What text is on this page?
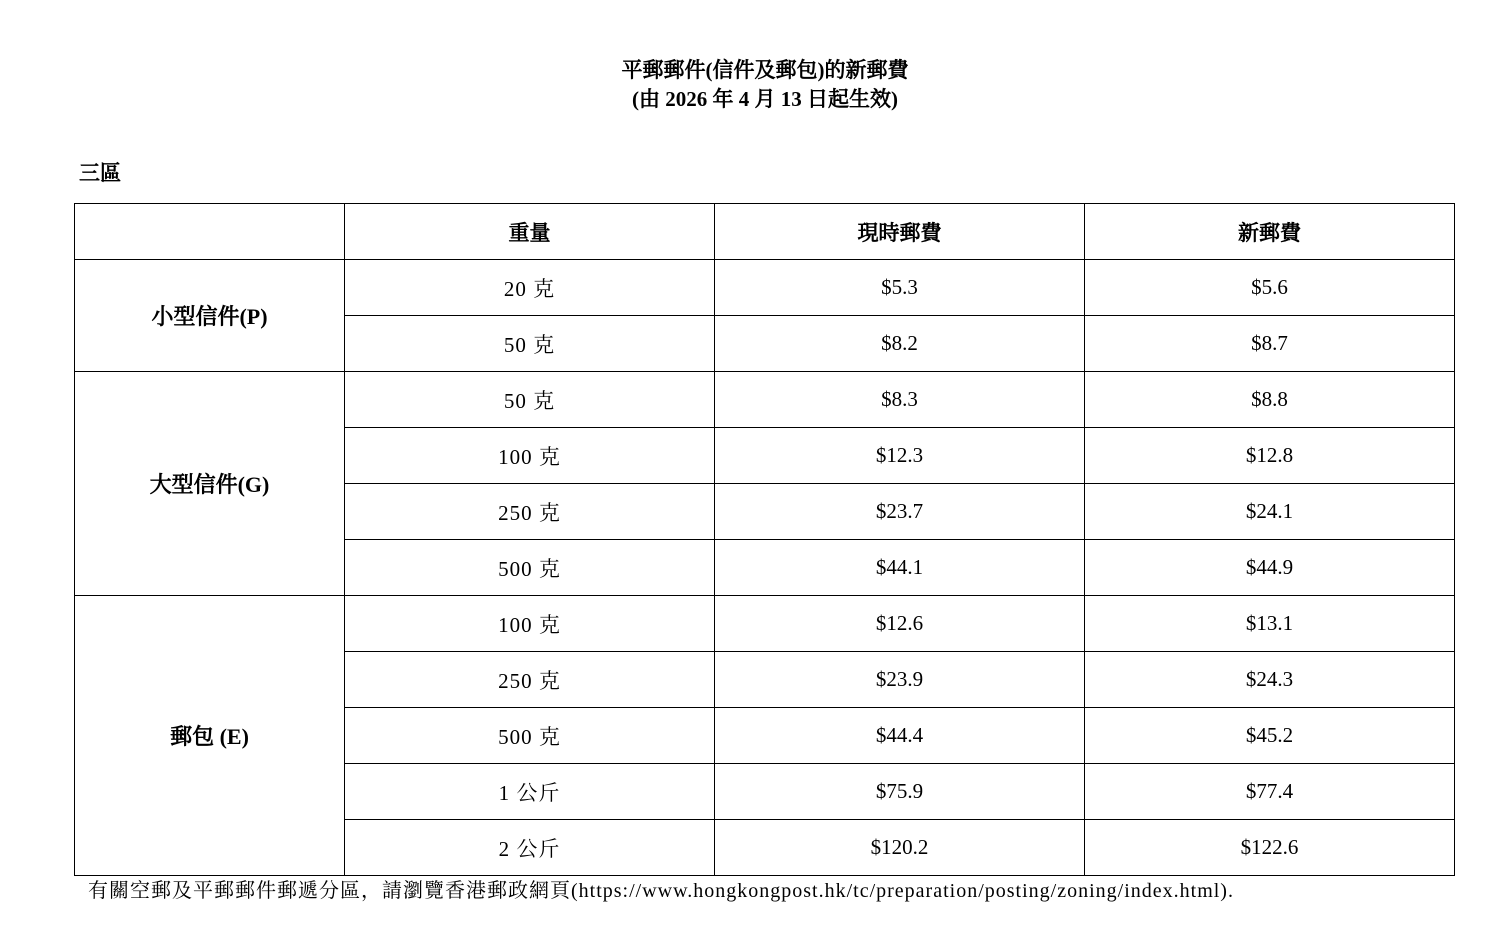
平郵郵件(信件及郵包)的新郵費
(由 2026 年 4 月 13 日起生效)
三區
	重量	現時郵費	新郵費
小型信件(P)	20 克	$5.3	$5.6
	50 克	$8.2	$8.7
大型信件(G)	50 克	$8.3	$8.8
	100 克	$12.3	$12.8
	250 克	$23.7	$24.1
	500 克	$44.1	$44.9
郵包 (E)	100 克	$12.6	$13.1
	250 克	$23.9	$24.3
	500 克	$44.4	$45.2
	1 公斤	$75.9	$77.4
	2 公斤	$120.2	$122.6
有關空郵及平郵郵件郵遞分區，請瀏覽香港郵政網頁(https://www.hongkongpost.hk/tc/preparation/posting/zoning/index.html).
